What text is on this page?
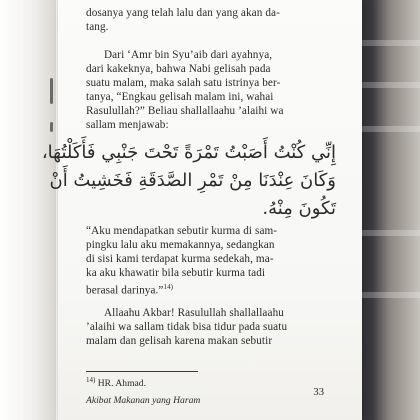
dosanya yang telah lalu dan yang akan da-
tang.
Dari ‘Amr bin Syu’aib dari ayahnya,
dari kakeknya, bahwa Nabi gelisah pada
suatu malam, maka salah satu istrinya ber-
tanya, “Engkau gelisah malam ini, wahai
Rasulullah?” Beliau shallallaahu ’alaihi wa
sallam menjawab:
إِنِّي كُنْتُ أَصَبْتُ تَمْرَةً تَحْتَ جَنْبِي فَأَكَلْتُهَا،
وَكَانَ عِنْدَنَا مِنْ تَمْرِ الصَّدَقَةِ فَخَشِيتُ أَنْ
تَكُونَ مِنْهُ.
“Aku mendapatkan sebutir kurma di sam-
pingku lalu aku memakannya, sedangkan
di sisi kami terdapat kurma sedekah, ma-
ka aku khawatir bila sebutir kurma tadi
berasal darinya.”$^{14)}$
Allaahu Akbar! Rasulullah shallallaahu
’alaihi wa sallam tidak bisa tidur pada suatu
malam dan gelisah karena makan sebutir
$^{14)}$ HR. Ahmad.
Akibat Makanan yang Haram
33
